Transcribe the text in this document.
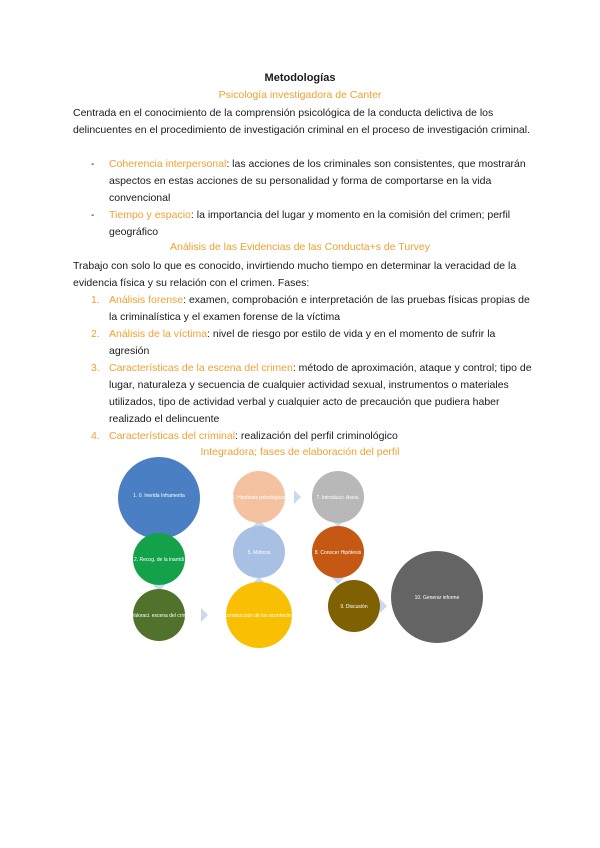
Metodologías
Psicología investigadora de Canter
Centrada en el conocimiento de la comprensión psicológica de la conducta delictiva de los delincuentes en el procedimiento de investigación criminal en el proceso de investigación criminal.
-	Coherencia interpersonal: las acciones de los criminales son consistentes, que mostrarán aspectos en estas acciones de su personalidad y forma de comportarse en la vida convencional
-	Tiempo y espacio: la importancia del lugar y momento en la comisión del crimen; perfil geográfico
Análisis de las Evidencias de las Conducta+s de Turvey
Trabajo con solo lo que es conocido, invirtiendo mucho tiempo en determinar la veracidad de la evidencia física y su relación con el crimen. Fases:
1. Análisis forense: examen, comprobación e interpretación de las pruebas físicas propias de la criminalística y el examen forense de la víctima
2. Análisis de la víctima: nivel de riesgo por estilo de vida y en el momento de sufrir la agresión
3. Características de la escena del crimen: método de aproximación, ataque y control; tipo de lugar, naturaleza y secuencia de cualquier actividad sexual, instrumentos o materiales utilizados, tipo de actividad verbal y cualquier acto de precaución que pudiera haber realizado el delincuente
4. Características del criminal: realización del perfil criminológico
Integradora; fases de elaboración del perfil
1. 0. Inerida Inframerita
2. Recog. de la inarridi
3. Valoraci. escena del crimen	4. Reconstrucción de los acontecimientos
5. Móticos
6. Hipótesis psicológicas	7. Introducci. Asesi.
8. Conocer Hipótesis
9. Discusión
10. Generar informe
